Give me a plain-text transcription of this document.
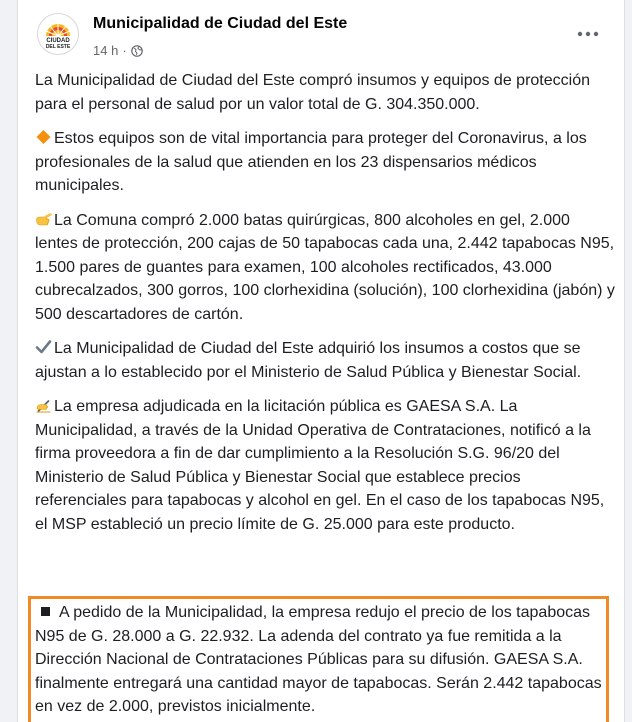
CIUDAD
DEL ESTE
Municipalidad de Ciudad del Este
14 h ·

La Municipalidad de Ciudad del Este compró insumos y equipos de protección para el personal de salud por un valor total de G. 304.350.000.

Estos equipos son de vital importancia para proteger del Coronavirus, a los profesionales de la salud que atienden en los 23 dispensarios médicos municipales.

La Comuna compró 2.000 batas quirúrgicas, 800 alcoholes en gel, 2.000 lentes de protección, 200 cajas de 50 tapabocas cada una, 2.442 tapabocas N95, 1.500 pares de guantes para examen, 100 alcoholes rectificados, 43.000 cubrecalzados, 300 gorros, 100 clorhexidina (solución), 100 clorhexidina (jabón) y 500 descartadores de cartón.

La Municipalidad de Ciudad del Este adquirió los insumos a costos que se ajustan a lo establecido por el Ministerio de Salud Pública y Bienestar Social.

La empresa adjudicada en la licitación pública es GAESA S.A. La Municipalidad, a través de la Unidad Operativa de Contrataciones, notificó a la firma proveedora a fin de dar cumplimiento a la Resolución S.G. 96/20 del Ministerio de Salud Pública y Bienestar Social que establece precios referenciales para tapabocas y alcohol en gel. En el caso de los tapabocas N95, el MSP estableció un precio límite de G. 25.000 para este producto.

A pedido de la Municipalidad, la empresa redujo el precio de los tapabocas N95 de G. 28.000 a G. 22.932. La adenda del contrato ya fue remitida a la Dirección Nacional de Contrataciones Públicas para su difusión. GAESA S.A. finalmente entregará una cantidad mayor de tapabocas. Serán 2.442 tapabocas en vez de 2.000, previstos inicialmente.
